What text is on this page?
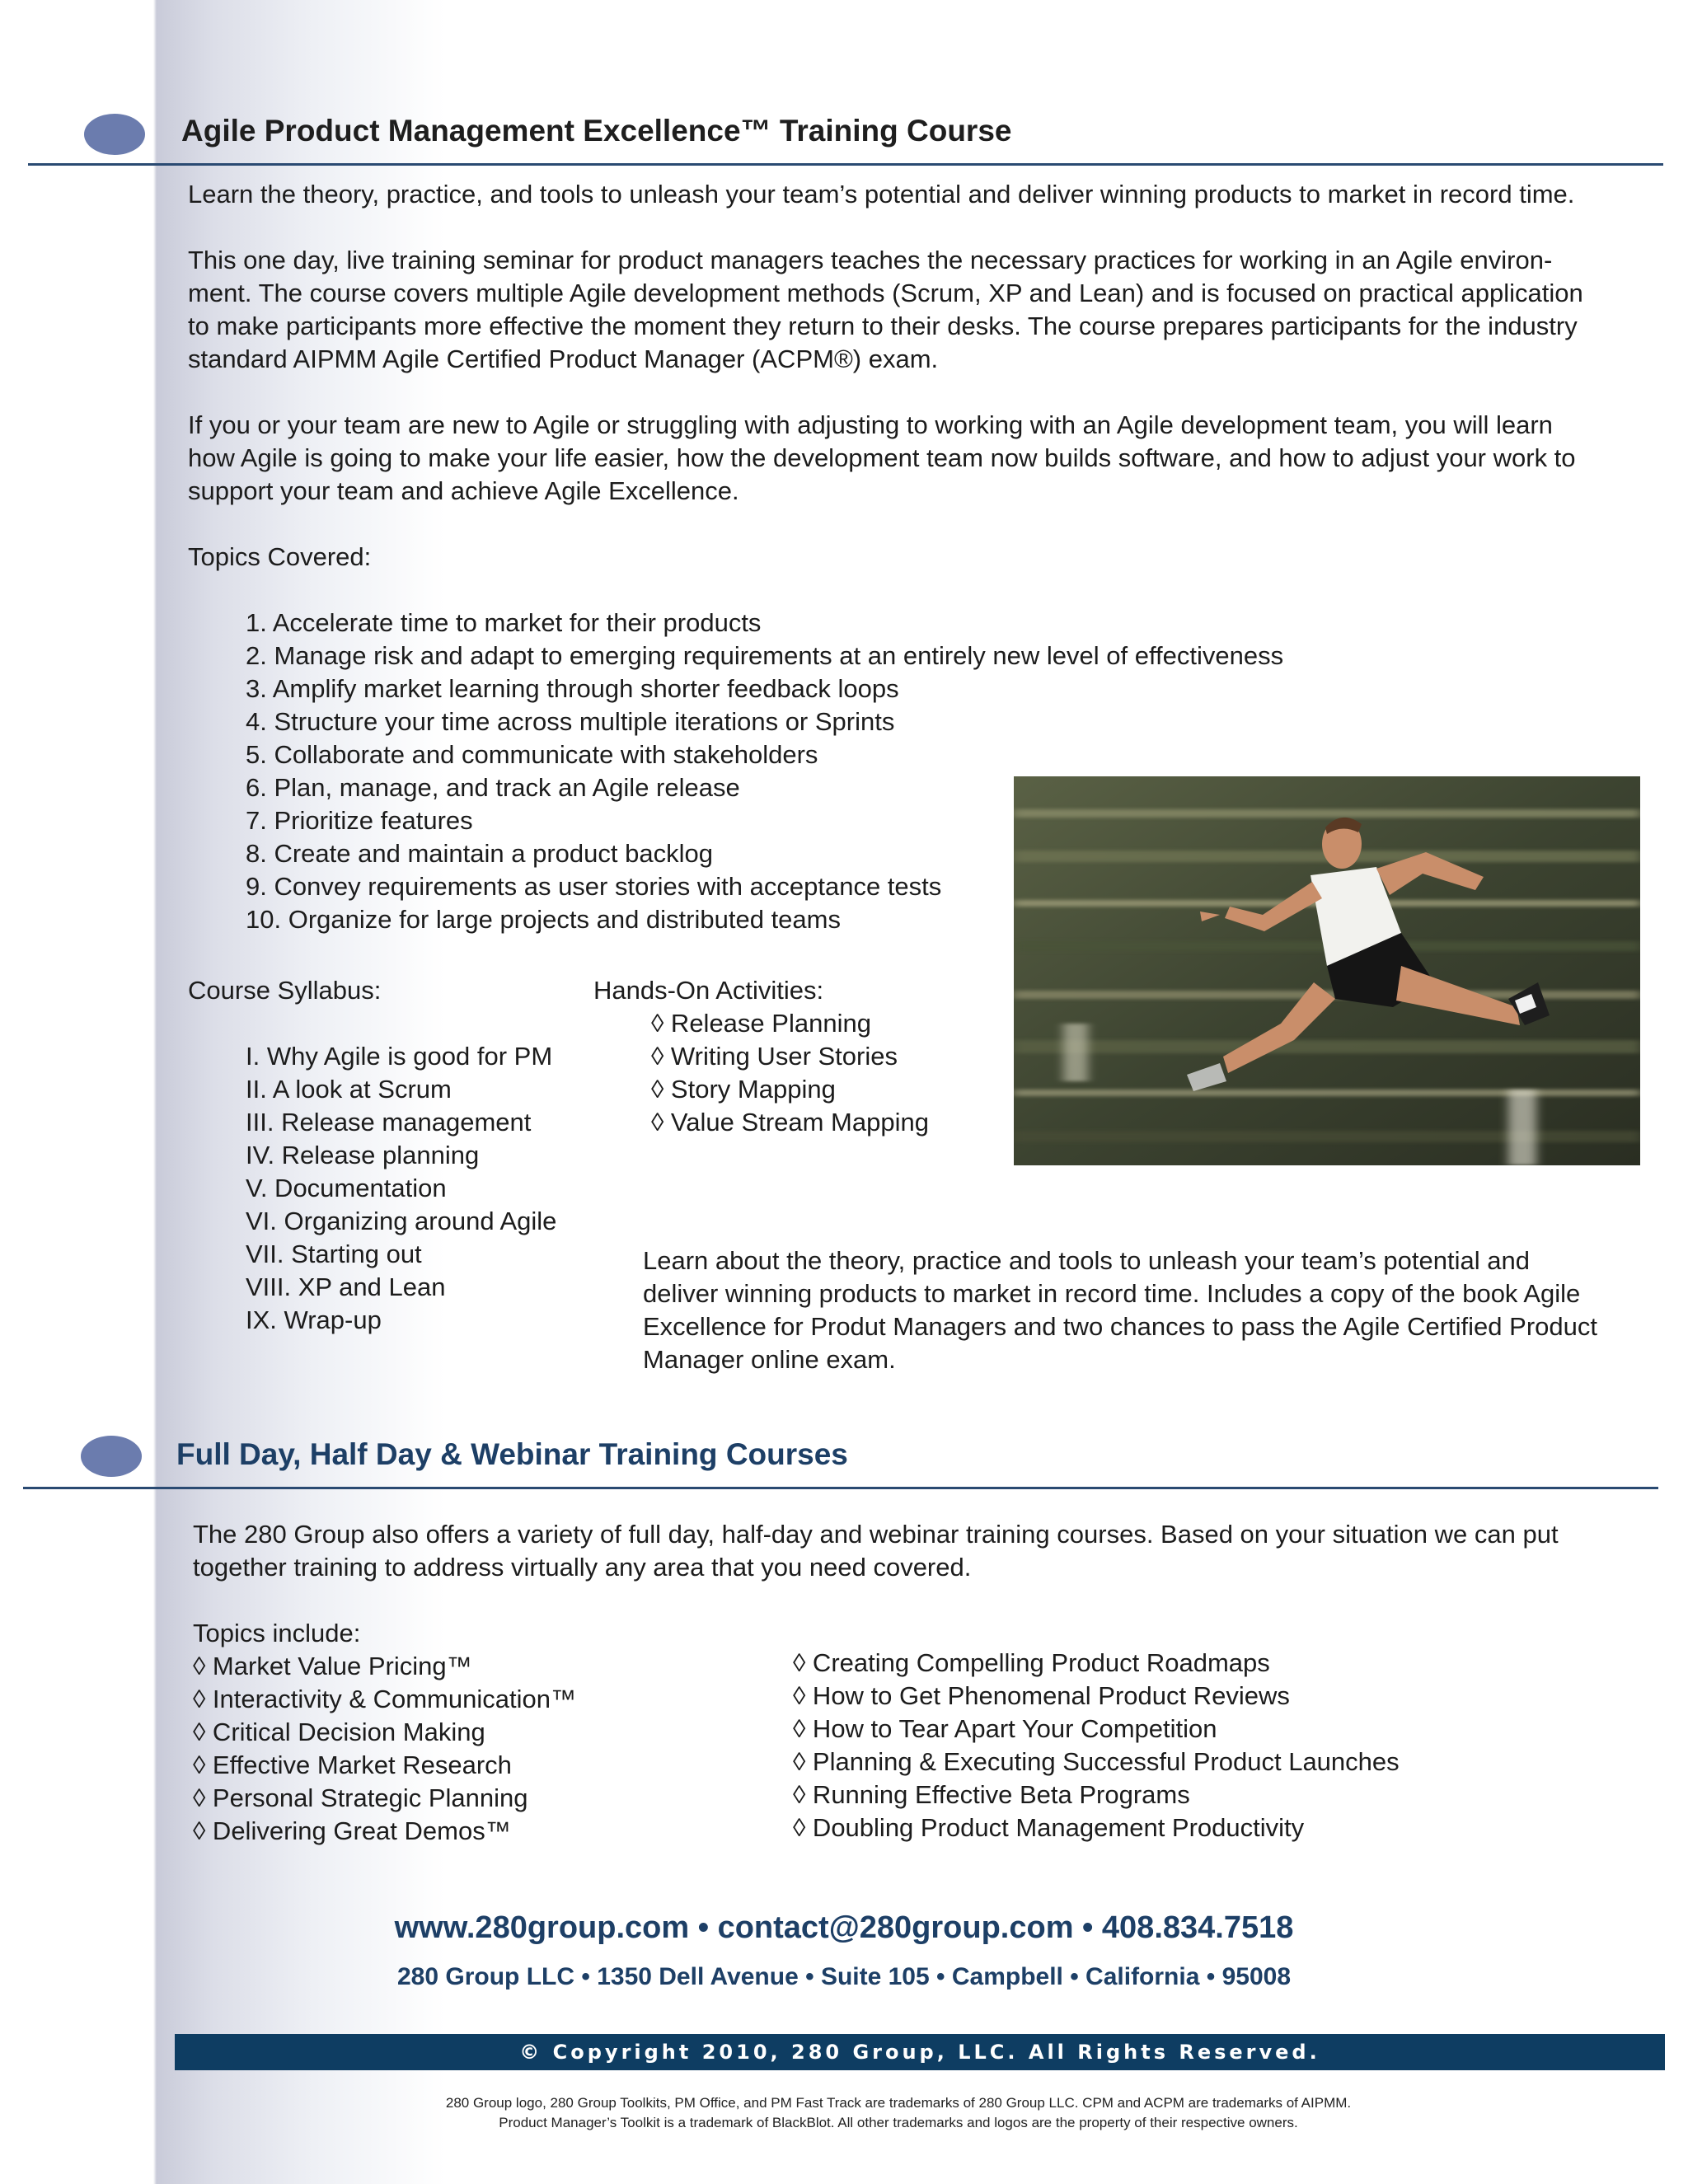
Agile Product Management Excellence™ Training Course
Learn the theory, practice, and tools to unleash your team’s potential and deliver winning products to market in record time.

This one day, live training seminar for product managers teaches the necessary practices for working in an Agile environ-

ment. The course covers multiple Agile development methods (Scrum, XP and Lean) and is focused on practical application

to make participants more effective the moment they return to their desks. The course prepares participants for the industry

standard AIPMM Agile Certified Product Manager (ACPM®) exam.

If you or your team are new to Agile or struggling with adjusting to working with an Agile development team, you will learn

how Agile is going to make your life easier, how the development team now builds software, and how to adjust your work to

support your team and achieve Agile Excellence.

Topics Covered:
1. Accelerate time to market for their products
2. Manage risk and adapt to emerging requirements at an entirely new level of effectiveness
3. Amplify market learning through shorter feedback loops
4. Structure your time across multiple iterations or Sprints
5. Collaborate and communicate with stakeholders
6. Plan, manage, and track an Agile release
7. Prioritize features
8. Create and maintain a product backlog
9. Convey requirements as user stories with acceptance tests
10. Organize for large projects and distributed teams
Course Syllabus:
I. Why Agile is good for PM
II. A look at Scrum
III. Release management
IV. Release planning
V. Documentation
VI. Organizing around Agile
VII. Starting out
VIII. XP and Lean
IX. Wrap-up
Hands-On Activities:
◊ Release Planning
◊ Writing User Stories
◊ Story Mapping
◊ Value Stream Mapping

Learn about the theory, practice and tools to unleash your team’s potential and

deliver winning products to market in record time. Includes a copy of the book Agile

Excellence for Produt Managers and two chances to pass the Agile Certified Product

Manager online exam.

Full Day, Half Day & Webinar Training Courses

The 280 Group also offers a variety of full day, half-day and webinar training courses. Based on your situation we can put

together training to address virtually any area that you need covered.

Topics include:
◊ Market Value Pricing™
◊ Interactivity & Communication™
◊ Critical Decision Making
◊ Effective Market Research
◊ Personal Strategic Planning
◊ Delivering Great Demos™
◊ Creating Compelling Product Roadmaps
◊ How to Get Phenomenal Product Reviews
◊ How to Tear Apart Your Competition
◊ Planning & Executing Successful Product Launches
◊ Running Effective Beta Programs
◊ Doubling Product Management Productivity
www.280group.com • contact@280group.com • 408.834.7518
280 Group LLC • 1350 Dell Avenue • Suite 105 • Campbell • California • 95008
© Copyright 2010, 280 Group, LLC. All Rights Reserved.
280 Group logo, 280 Group Toolkits, PM Office, and PM Fast Track are trademarks of 280 Group LLC. CPM and ACPM are trademarks of AIPMM.
Product Manager’s Toolkit is a trademark of BlackBlot. All other trademarks and logos are the property of their respective owners.
